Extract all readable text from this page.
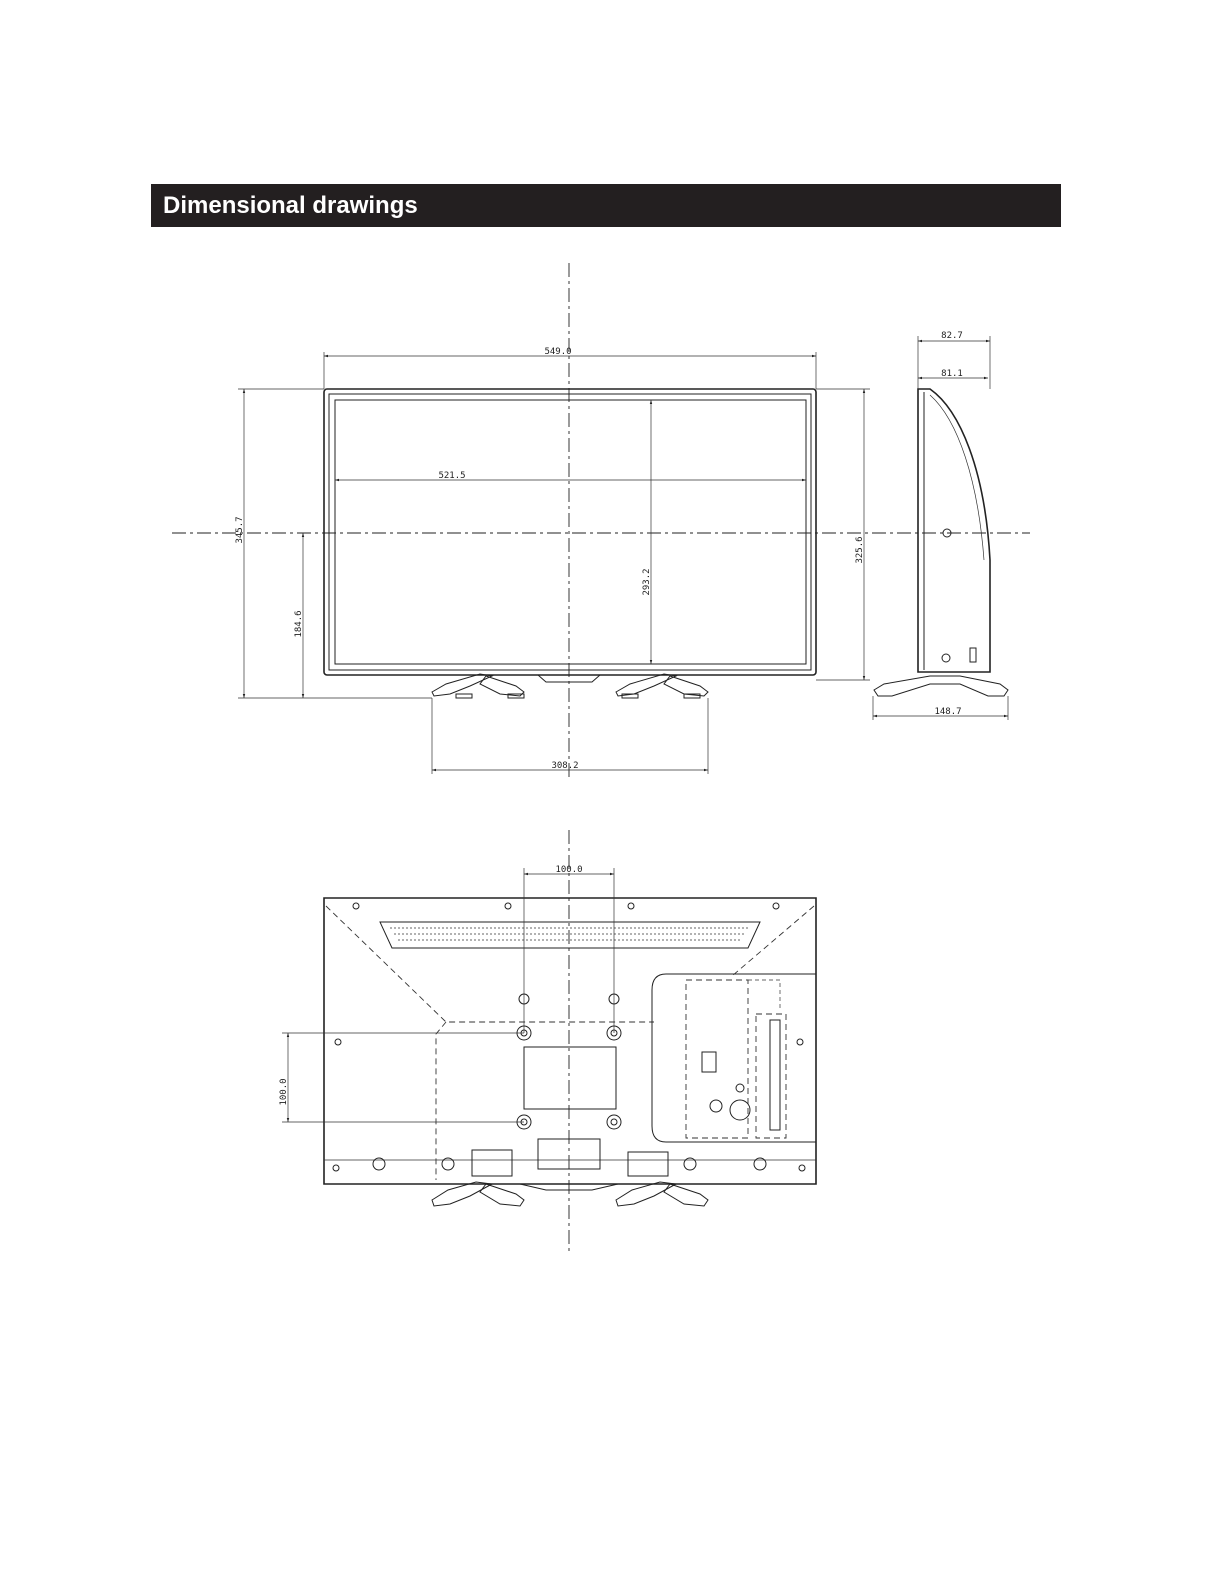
Dimensional drawings
549.0
521.5
293.2
345.7
184.6
325.6
308.2
82.7
81.1
148.7
100.0
100.0
